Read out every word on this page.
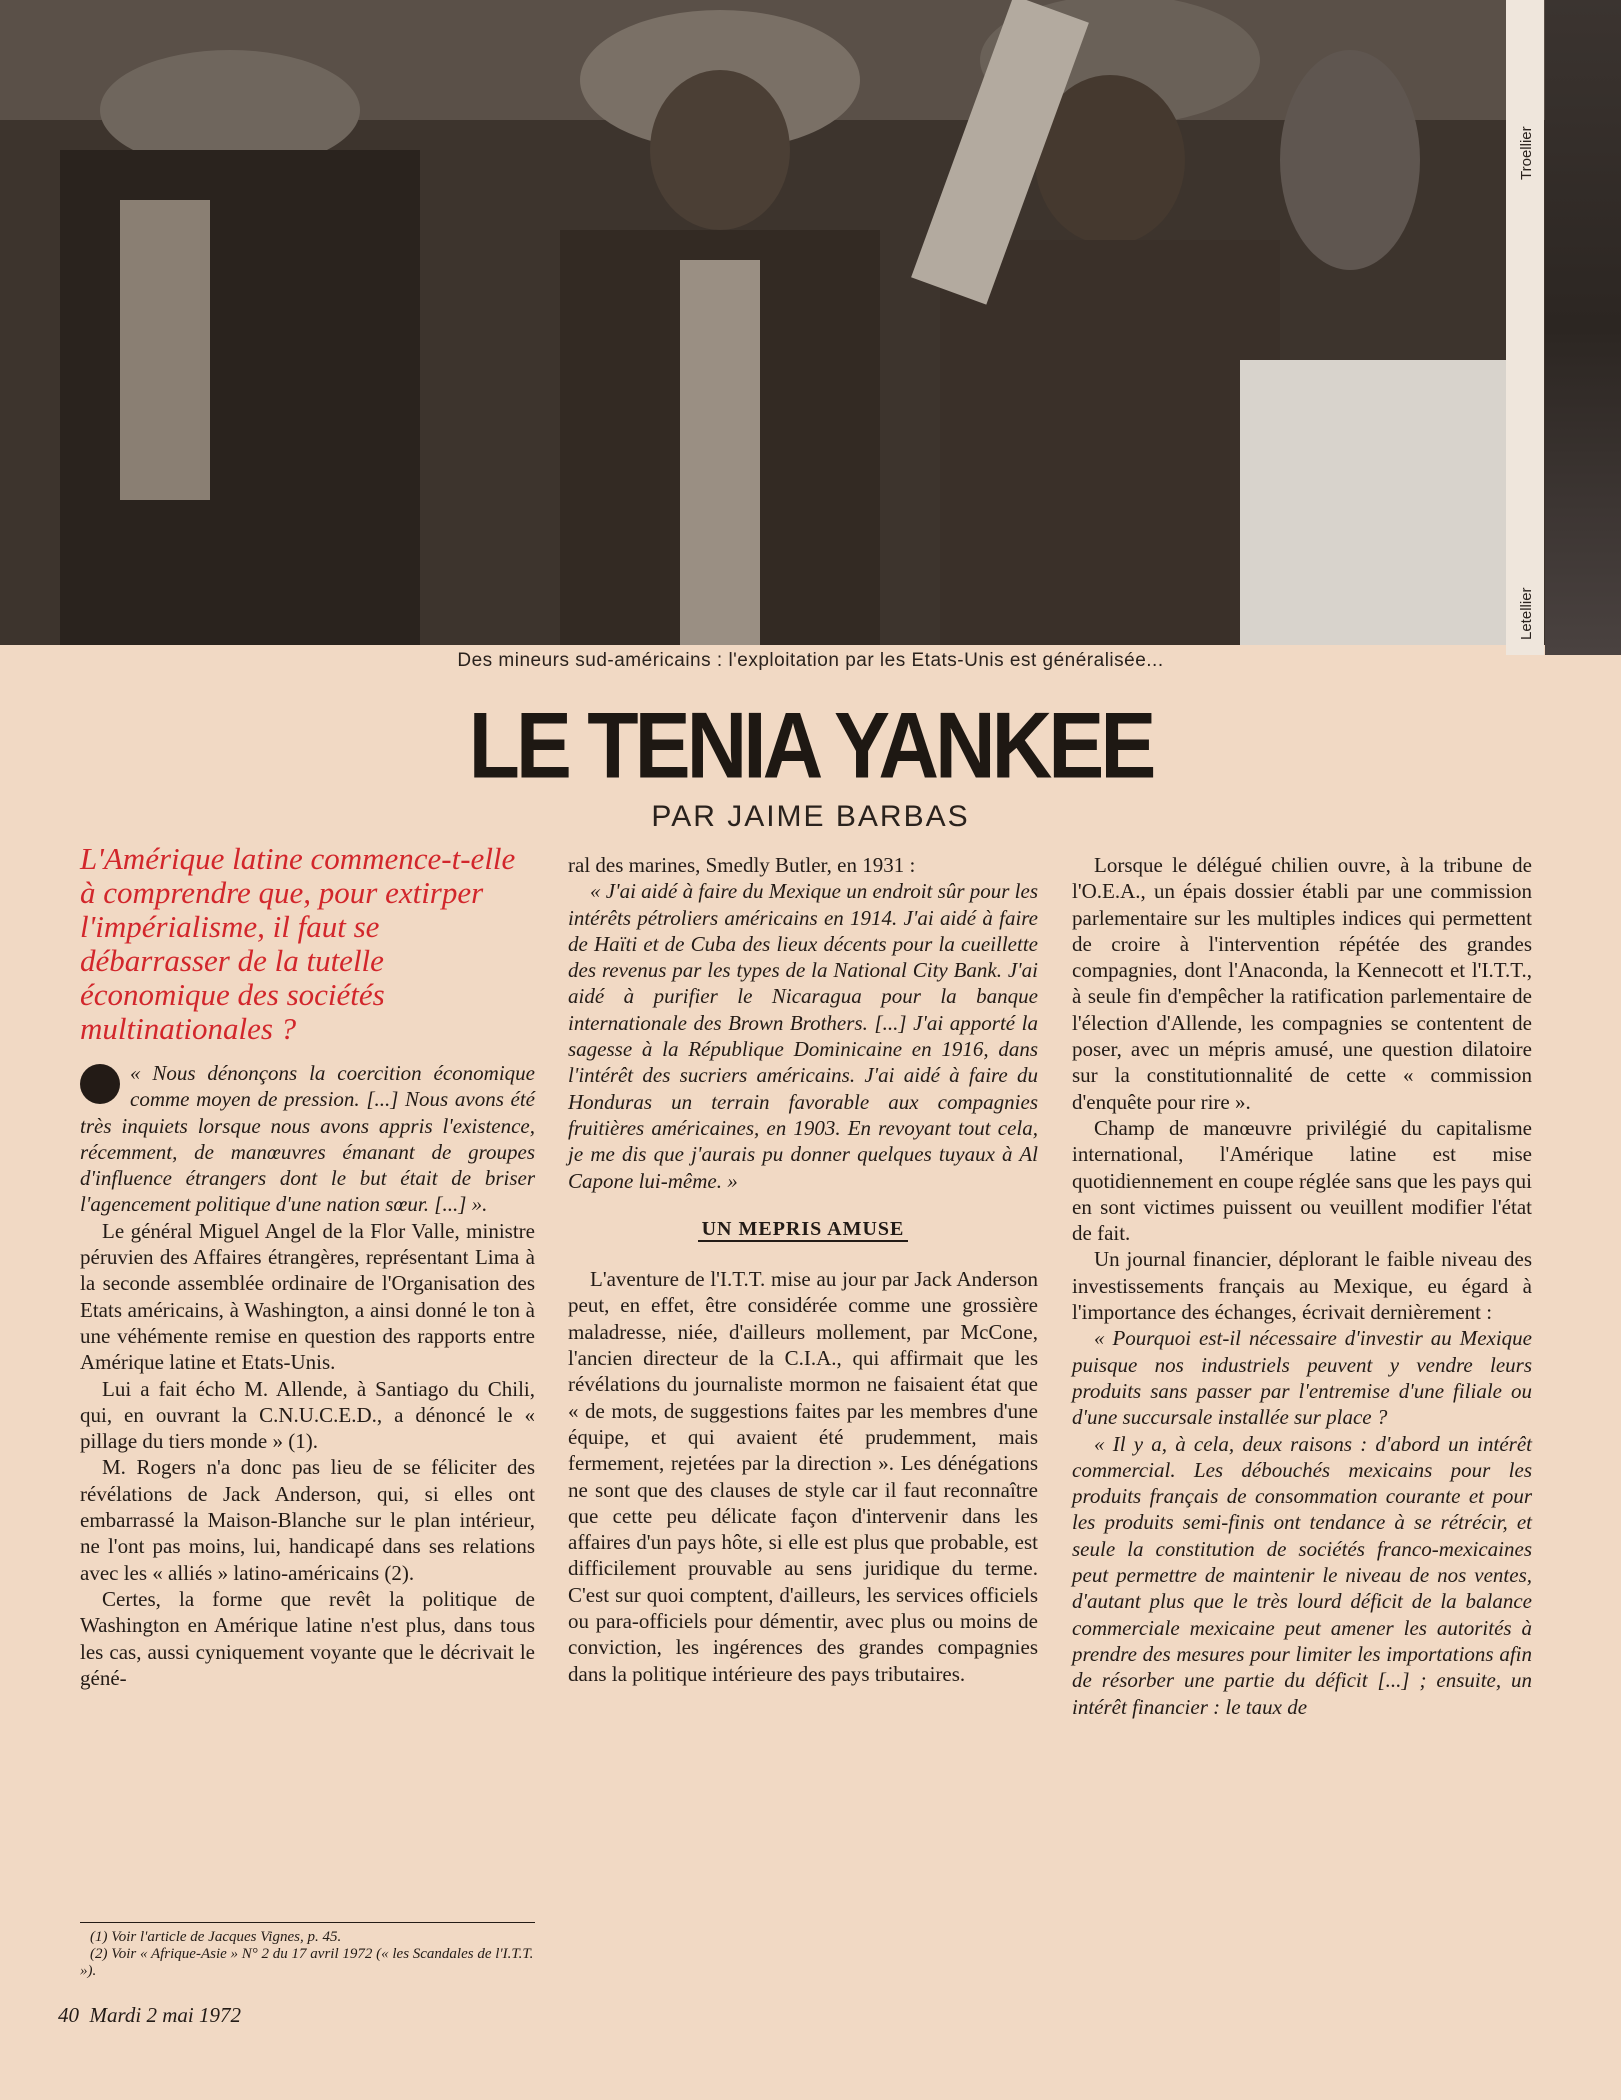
Troellier
Letellier
Des mineurs sud-américains : l'exploitation par les Etats-Unis est généralisée...
LE TENIA YANKEE
PAR JAIME BARBAS
L'Amérique latine commence-t-elle à comprendre que, pour extirper l'impérialisme, il faut se débarrasser de la tutelle économique des sociétés multinationales ?

« Nous dénonçons la coercition économique comme moyen de pression. [...] Nous avons été très inquiets lorsque nous avons appris l'existence, récemment, de manœuvres émanant de groupes d'influence étrangers dont le but était de briser l'agencement politique d'une nation sœur. [...] ».

Le général Miguel Angel de la Flor Valle, ministre péruvien des Affaires étrangères, représentant Lima à la seconde assemblée ordinaire de l'Organisation des Etats américains, à Washington, a ainsi donné le ton à une véhémente remise en question des rapports entre Amérique latine et Etats-Unis.

Lui a fait écho M. Allende, à Santiago du Chili, qui, en ouvrant la C.N.U.C.E.D., a dénoncé le « pillage du tiers monde » (1).

M. Rogers n'a donc pas lieu de se féliciter des révélations de Jack Anderson, qui, si elles ont embarrassé la Maison-Blanche sur le plan intérieur, ne l'ont pas moins, lui, handicapé dans ses relations avec les « alliés » latino-américains (2).

Certes, la forme que revêt la politique de Washington en Amérique latine n'est plus, dans tous les cas, aussi cyniquement voyante que le décrivait le géné-

(1) Voir l'article de Jacques Vignes, p. 45.
(2) Voir « Afrique-Asie » N° 2 du 17 avril 1972 (« les Scandales de l'I.T.T. »).

ral des marines, Smedly Butler, en 1931 :

« J'ai aidé à faire du Mexique un endroit sûr pour les intérêts pétroliers américains en 1914. J'ai aidé à faire de Haïti et de Cuba des lieux décents pour la cueillette des revenus par les types de la National City Bank. J'ai aidé à purifier le Nicaragua pour la banque internationale des Brown Brothers. [...] J'ai apporté la sagesse à la République Dominicaine en 1916, dans l'intérêt des sucriers américains. J'ai aidé à faire du Honduras un terrain favorable aux compagnies fruitières américaines, en 1903. En revoyant tout cela, je me dis que j'aurais pu donner quelques tuyaux à Al Capone lui-même. »

UN MEPRIS AMUSE

L'aventure de l'I.T.T. mise au jour par Jack Anderson peut, en effet, être considérée comme une grossière maladresse, niée, d'ailleurs mollement, par McCone, l'ancien directeur de la C.I.A., qui affirmait que les révélations du journaliste mormon ne faisaient état que « de mots, de suggestions faites par les membres d'une équipe, et qui avaient été prudemment, mais fermement, rejetées par la direction ». Les dénégations ne sont que des clauses de style car il faut reconnaître que cette peu délicate façon d'intervenir dans les affaires d'un pays hôte, si elle est plus que probable, est difficilement prouvable au sens juridique du terme. C'est sur quoi comptent, d'ailleurs, les services officiels ou para-officiels pour démentir, avec plus ou moins de conviction, les ingérences des grandes compagnies dans la politique intérieure des pays tributaires.

Lorsque le délégué chilien ouvre, à la tribune de l'O.E.A., un épais dossier établi par une commission parlementaire sur les multiples indices qui permettent de croire à l'intervention répétée des grandes compagnies, dont l'Anaconda, la Kennecott et l'I.T.T., à seule fin d'empêcher la ratification parlementaire de l'élection d'Allende, les compagnies se contentent de poser, avec un mépris amusé, une question dilatoire sur la constitutionnalité de cette « commission d'enquête pour rire ».

Champ de manœuvre privilégié du capitalisme international, l'Amérique latine est mise quotidiennement en coupe réglée sans que les pays qui en sont victimes puissent ou veuillent modifier l'état de fait.

Un journal financier, déplorant le faible niveau des investissements français au Mexique, eu égard à l'importance des échanges, écrivait dernièrement :

« Pourquoi est-il nécessaire d'investir au Mexique puisque nos industriels peuvent y vendre leurs produits sans passer par l'entremise d'une filiale ou d'une succursale installée sur place ?

« Il y a, à cela, deux raisons : d'abord un intérêt commercial. Les débouchés mexicains pour les produits français de consommation courante et pour les produits semi-finis ont tendance à se rétrécir, et seule la constitution de sociétés franco-mexicaines peut permettre de maintenir le niveau de nos ventes, d'autant plus que le très lourd déficit de la balance commerciale mexicaine peut amener les autorités à prendre des mesures pour limiter les importations afin de résorber une partie du déficit [...] ; ensuite, un intérêt financier : le taux de

40 Mardi 2 mai 1972
